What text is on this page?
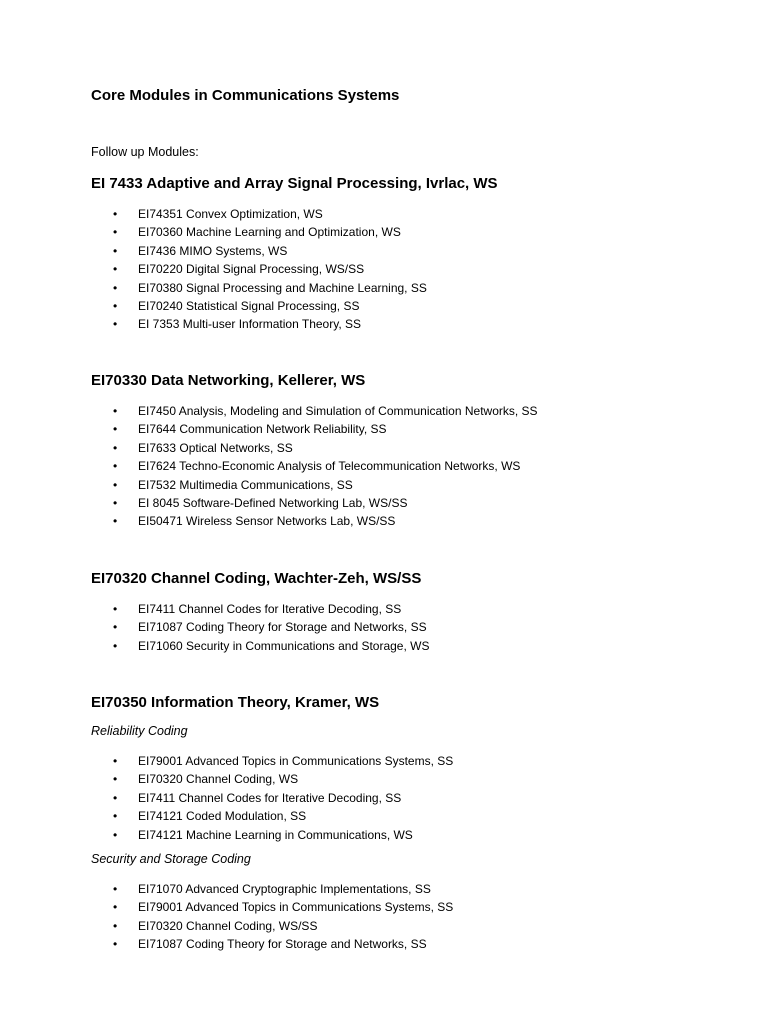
Core Modules in Communications Systems

Follow up Modules:

EI 7433 Adaptive and Array Signal Processing, Ivrlac, WS
• EI74351 Convex Optimization, WS
• EI70360 Machine Learning and Optimization, WS
• EI7436 MIMO Systems, WS
• EI70220 Digital Signal Processing, WS/SS
• EI70380 Signal Processing and Machine Learning, SS
• EI70240 Statistical Signal Processing, SS
• EI 7353 Multi-user Information Theory, SS
EI70330 Data Networking, Kellerer, WS
• EI7450 Analysis, Modeling and Simulation of Communication Networks, SS
• EI7644 Communication Network Reliability, SS
• EI7633 Optical Networks, SS
• EI7624 Techno-Economic Analysis of Telecommunication Networks, WS
• EI7532 Multimedia Communications, SS
• EI 8045 Software-Defined Networking Lab, WS/SS
• EI50471 Wireless Sensor Networks Lab, WS/SS
EI70320 Channel Coding, Wachter-Zeh, WS/SS
• EI7411 Channel Codes for Iterative Decoding, SS
• EI71087 Coding Theory for Storage and Networks, SS
• EI71060 Security in Communications and Storage, WS
EI70350 Information Theory, Kramer, WS

Reliability Coding

• EI79001 Advanced Topics in Communications Systems, SS
• EI70320 Channel Coding, WS
• EI7411 Channel Codes for Iterative Decoding, SS
• EI74121 Coded Modulation, SS
• EI74121 Machine Learning in Communications, WS

Security and Storage Coding

• EI71070 Advanced Cryptographic Implementations, SS
• EI79001 Advanced Topics in Communications Systems, SS
• EI70320 Channel Coding, WS/SS
• EI71087 Coding Theory for Storage and Networks, SS
